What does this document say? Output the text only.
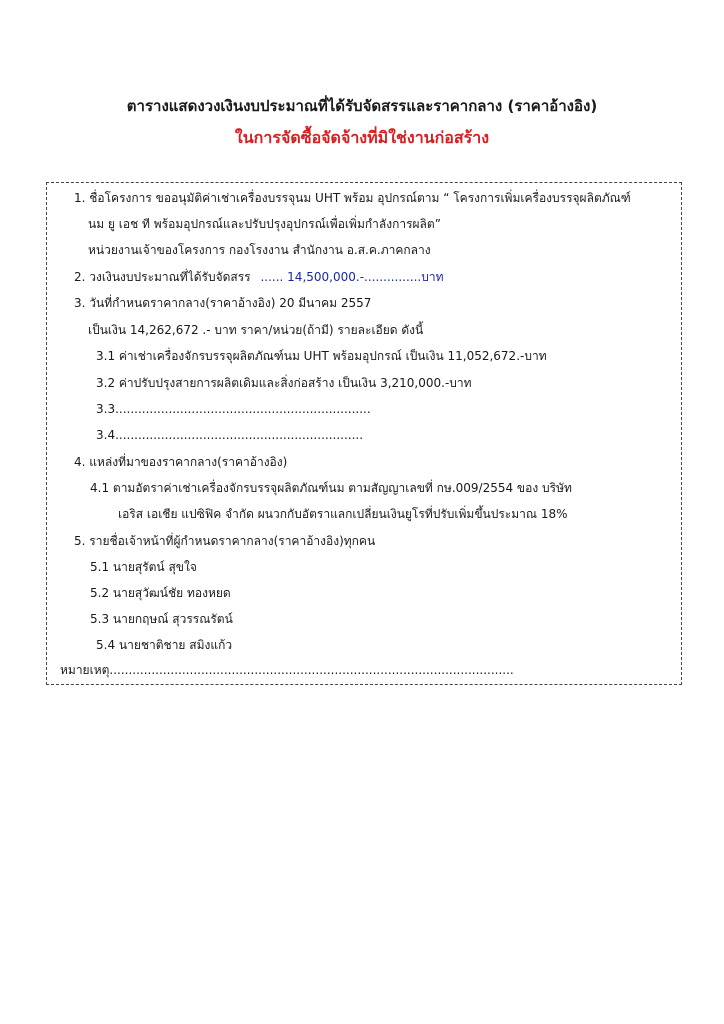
ตารางแสดงวงเงินงบประมาณที่ได้รับจัดสรรและราคากลาง (ราคาอ้างอิง)
ในการจัดซื้อจัดจ้างที่มิใช่งานก่อสร้าง
1. ชื่อโครงการ ขออนุมัติค่าเช่าเครื่องบรรจุนม UHT พร้อม อุปกรณ์ตาม “ โครงการเพิ่มเครื่องบรรจุผลิตภัณฑ์
นม ยู เอช ที พร้อมอุปกรณ์และปรับปรุงอุปกรณ์เพื่อเพิ่มกำลังการผลิต”
หน่วยงานเจ้าของโครงการ กองโรงงาน สำนักงาน อ.ส.ค.ภาคกลาง
2. วงเงินงบประมาณที่ได้รับจัดสรร ...... 14,500,000.-...............บาท
3. วันที่กำหนดราคากลาง(ราคาอ้างอิง) 20 มีนาคม 2557
เป็นเงิน 14,262,672 .- บาท ราคา/หน่วย(ถ้ามี) รายละเอียด ดังนี้
3.1 ค่าเช่าเครื่องจักรบรรจุผลิตภัณฑ์นม UHT พร้อมอุปกรณ์ เป็นเงิน 11,052,672.-บาท
3.2 ค่าปรับปรุงสายการผลิตเดิมและสิ่งก่อสร้าง เป็นเงิน 3,210,000.-บาท
3.3...................................................................
3.4.................................................................
4. แหล่งที่มาของราคากลาง(ราคาอ้างอิง)
4.1 ตามอัตราค่าเช่าเครื่องจักรบรรจุผลิตภัณฑ์นม ตามสัญญาเลขที่ กษ.009/2554 ของ บริษัท
เอริส เอเชีย แปซิฟิค จำกัด ผนวกกับอัตราแลกเปลี่ยนเงินยูโรที่ปรับเพิ่มขึ้นประมาณ 18%
5. รายชื่อเจ้าหน้าที่ผู้กำหนดราคากลาง(ราคาอ้างอิง)ทุกคน
5.1 นายสุรัตน์ สุขใจ
5.2 นายสุวัฒน์ชัย ทองหยด
5.3 นายกฤษณ์ สุวรรณรัตน์
5.4 นายชาติชาย สมิงแก้ว
หมายเหตุ..........................................................................................................
